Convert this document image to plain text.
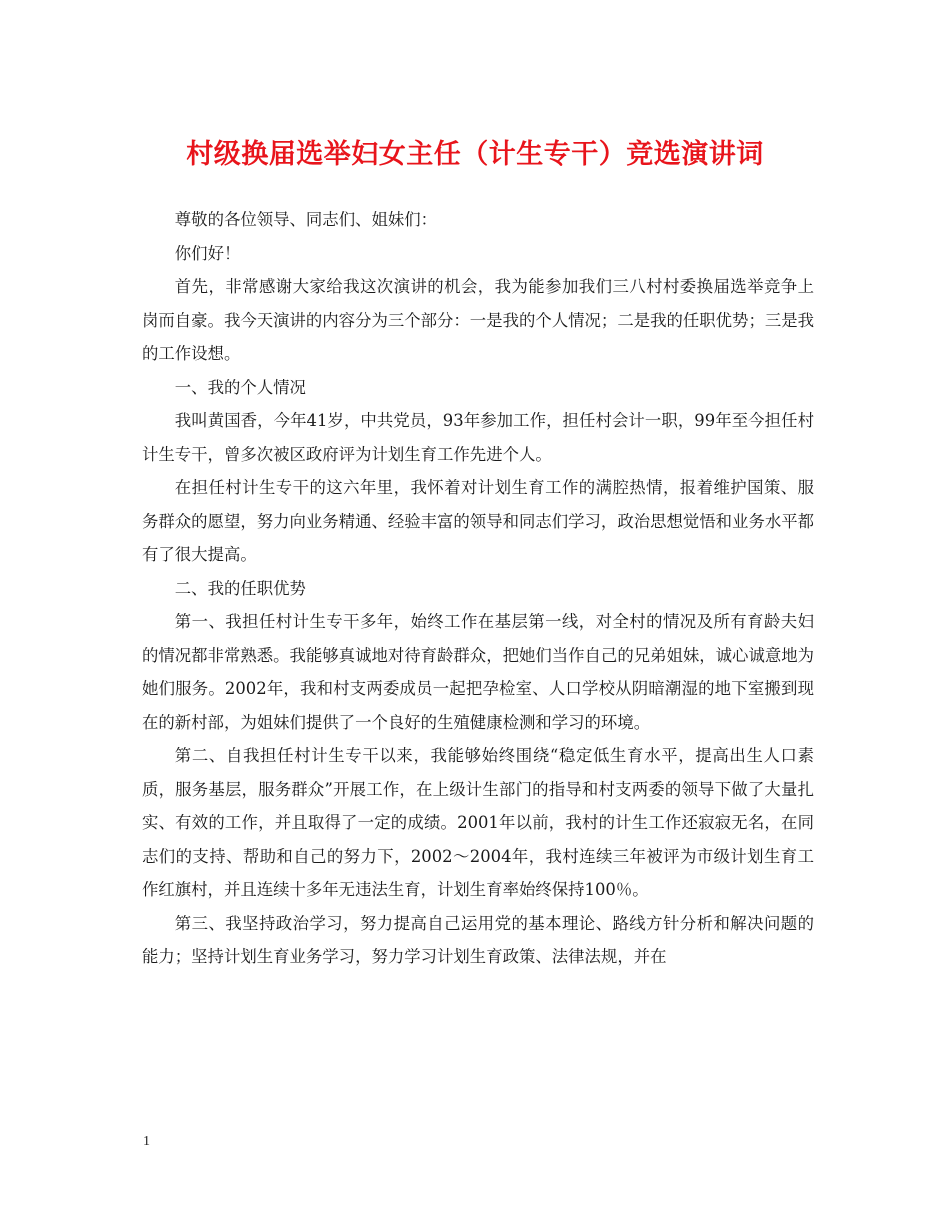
村级换届选举妇女主任（计生专干）竞选演讲词

尊敬的各位领导、同志们、姐妹们：

你们好！

首先，非常感谢大家给我这次演讲的机会，我为能参加我们三八村村委换届选举竞争上岗而自豪。我今天演讲的内容分为三个部分：一是我的个人情况；二是我的任职优势；三是我的工作设想。

一、我的个人情况

我叫黄国香，今年41岁，中共党员，93年参加工作，担任村会计一职，99年至今担任村计生专干，曾多次被区政府评为计划生育工作先进个人。

在担任村计生专干的这六年里，我怀着对计划生育工作的满腔热情，报着维护国策、服务群众的愿望，努力向业务精通、经验丰富的领导和同志们学习，政治思想觉悟和业务水平都有了很大提高。

二、我的任职优势

第一、我担任村计生专干多年，始终工作在基层第一线，对全村的情况及所有育龄夫妇的情况都非常熟悉。我能够真诚地对待育龄群众，把她们当作自己的兄弟姐妹，诚心诚意地为她们服务。2002年，我和村支两委成员一起把孕检室、人口学校从阴暗潮湿的地下室搬到现在的新村部，为姐妹们提供了一个良好的生殖健康检测和学习的环境。

第二、自我担任村计生专干以来，我能够始终围绕“稳定低生育水平，提高出生人口素质，服务基层，服务群众”开展工作，在上级计生部门的指导和村支两委的领导下做了大量扎实、有效的工作，并且取得了一定的成绩。2001年以前，我村的计生工作还寂寂无名，在同志们的支持、帮助和自己的努力下，2002～2004年，我村连续三年被评为市级计划生育工作红旗村，并且连续十多年无违法生育，计划生育率始终保持100％。

第三、我坚持政治学习，努力提高自己运用党的基本理论、路线方针分析和解决问题的能力；坚持计划生育业务学习，努力学习计划生育政策、法律法规，并在

1
